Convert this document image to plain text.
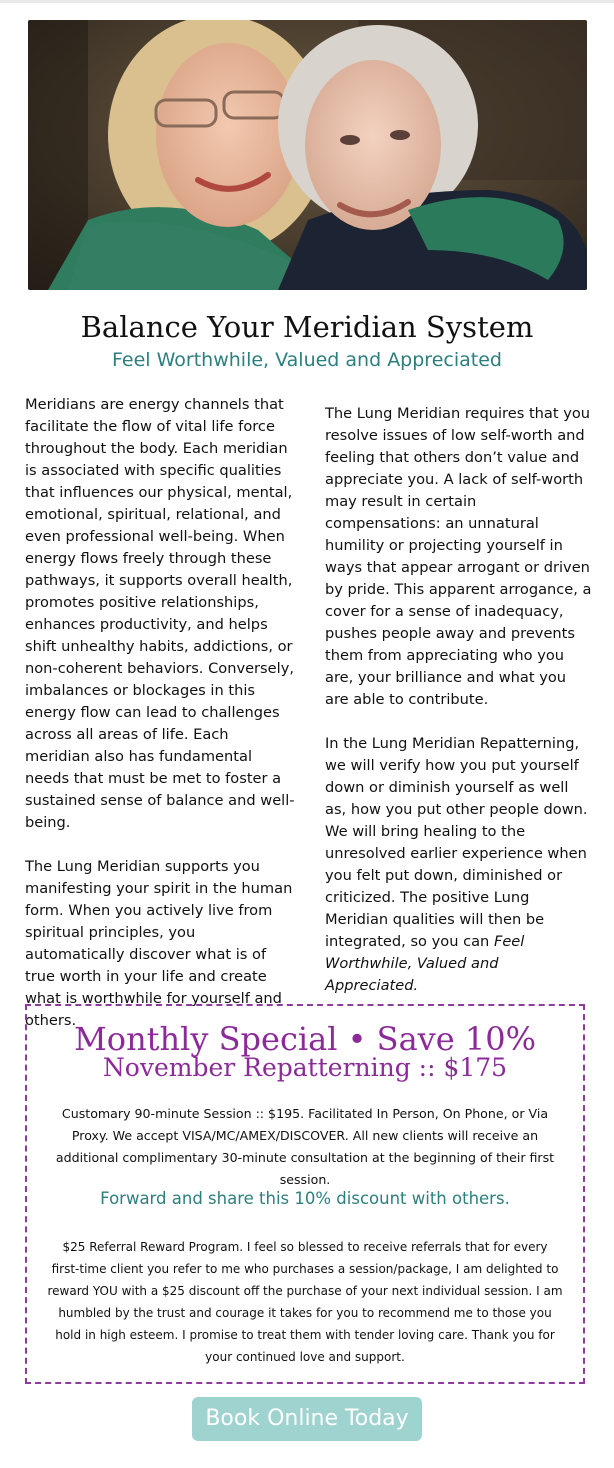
Balance Your Meridian System
Feel Worthwhile, Valued and Appreciated

Meridians are energy channels that facilitate the flow of vital life force throughout the body. Each meridian is associated with specific qualities that influences our physical, mental, emotional, spiritual, relational, and even professional well-being. When energy flows freely through these pathways, it supports overall health, promotes positive relationships, enhances productivity, and helps shift unhealthy habits, addictions, or non-coherent behaviors. Conversely, imbalances or blockages in this energy flow can lead to challenges across all areas of life. Each meridian also has fundamental needs that must be met to foster a sustained sense of balance and well-being.

The Lung Meridian supports you manifesting your spirit in the human form. When you actively live from spiritual principles, you automatically discover what is of true worth in your life and create what is worthwhile for yourself and others.

The Lung Meridian requires that you resolve issues of low self-worth and feeling that others don’t value and appreciate you. A lack of self-worth may result in certain compensations: an unnatural humility or projecting yourself in ways that appear arrogant or driven by pride. This apparent arrogance, a cover for a sense of inadequacy, pushes people away and prevents them from appreciating who you are, your brilliance and what you are able to contribute.

In the Lung Meridian Repatterning, we will verify how you put yourself down or diminish yourself as well as, how you put other people down. We will bring healing to the unresolved earlier experience when you felt put down, diminished or criticized. The positive Lung Meridian qualities will then be integrated, so you can Feel Worthwhile, Valued and Appreciated.

Monthly Special • Save 10%
November Repatterning :: $175
Customary 90-minute Session :: $195. Facilitated In Person, On Phone, or Via Proxy. We accept VISA/MC/AMEX/DISCOVER. All new clients will receive an additional complimentary 30-minute consultation at the beginning of their first session.
Forward and share this 10% discount with others.
$25 Referral Reward Program. I feel so blessed to receive referrals that for every first-time client you refer to me who purchases a session/package, I am delighted to reward YOU with a $25 discount off the purchase of your next individual session. I am humbled by the trust and courage it takes for you to recommend me to those you hold in high esteem. I promise to treat them with tender loving care. Thank you for your continued love and support.
Book Online Today
